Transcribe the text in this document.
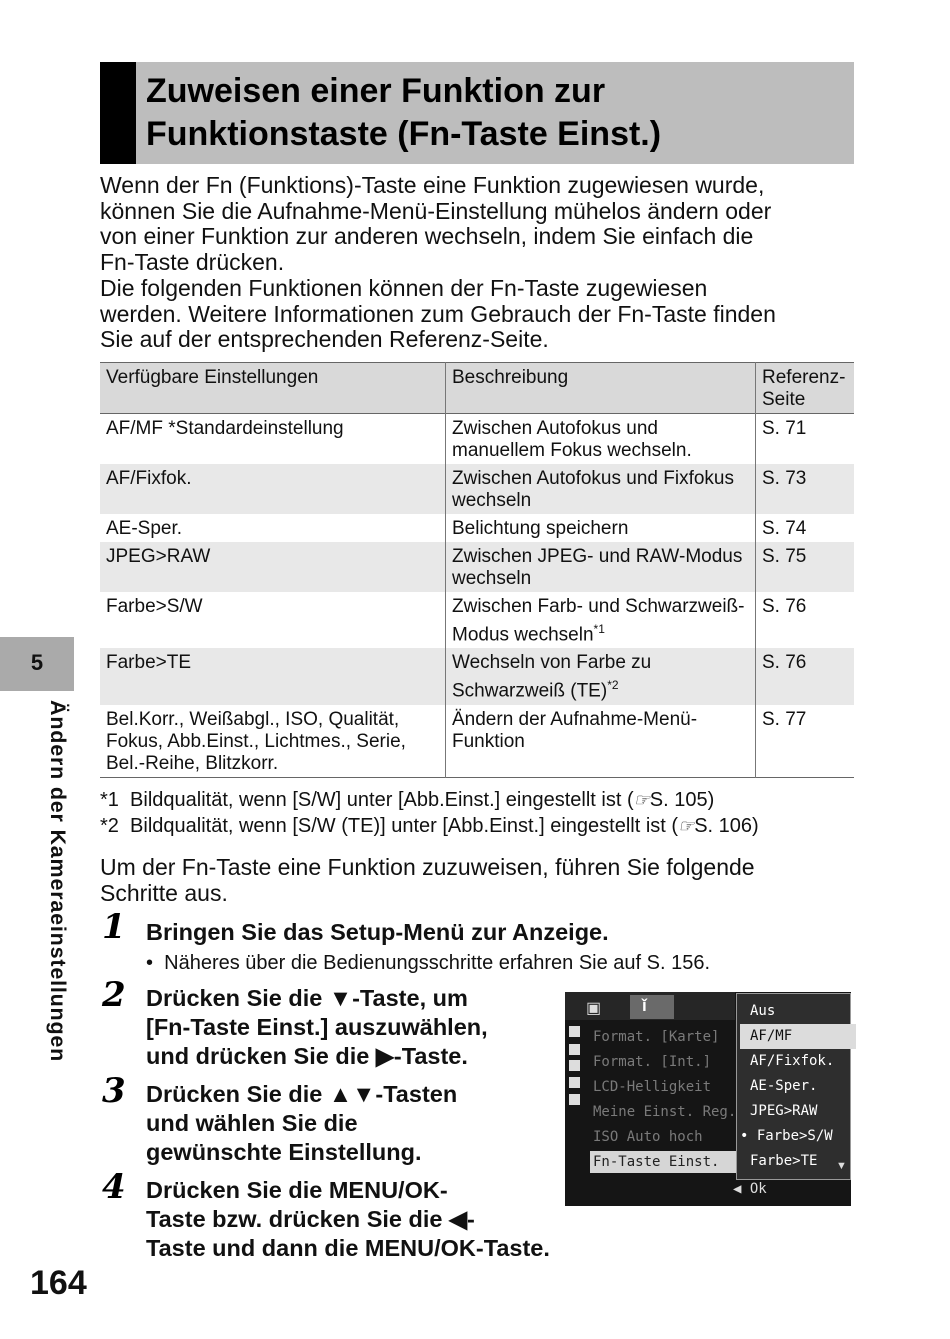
Zuweisen einer Funktion zur
Funktionstaste (Fn-Taste Einst.)
Wenn der Fn (Funktions)-Taste eine Funktion zugewiesen wurde,
können Sie die Aufnahme-Menü-Einstellung mühelos ändern oder
von einer Funktion zur anderen wechseln, indem Sie einfach die
Fn-Taste drücken.
Die folgenden Funktionen können der Fn-Taste zugewiesen
werden. Weitere Informationen zum Gebrauch der Fn-Taste finden
Sie auf der entsprechenden Referenz-Seite.
Verfügbare Einstellungen	Beschreibung	Referenz-Seite
AF/MF *Standardeinstellung	Zwischen Autofokus und manuellem Fokus wechseln.	S. 71
AF/Fixfok.	Zwischen Autofokus und Fixfokus wechseln	S. 73
AE-Sper.	Belichtung speichern	S. 74
JPEG>RAW	Zwischen JPEG- und RAW-Modus wechseln	S. 75
Farbe>S/W	Zwischen Farb- und Schwarzweiß-Modus wechseln$^{*1}$	S. 76
Farbe>TE	Wechseln von Farbe zu Schwarzweiß (TE)$^{*2}$	S. 76
Bel.Korr., Weißabgl., ISO, Qualität, Fokus, Abb.Einst., Lichtmes., Serie, Bel.-Reihe, Blitzkorr.	Ändern der Aufnahme-Menü-Funktion	S. 77
*1 Bildqualität, wenn [S/W] unter [Abb.Einst.] eingestellt ist (☞S. 105)
*2 Bildqualität, wenn [S/W (TE)] unter [Abb.Einst.] eingestellt ist (☞S. 106)
Um der Fn-Taste eine Funktion zuzuweisen, führen Sie folgende
Schritte aus.
1 Bringen Sie das Setup-Menü zur Anzeige.
•  Näheres über die Bedienungsschritte erfahren Sie auf S. 156.
2 Drücken Sie die ▼-Taste, um
[Fn-Taste Einst.] auszuwählen,
und drücken Sie die ▶-Taste.
3 Drücken Sie die ▲▼-Tasten
und wählen Sie die
gewünschte Einstellung.
4 Drücken Sie die MENU/OK-
Taste bzw. drücken Sie die ◀-
Taste und dann die MENU/OK-Taste.
▣	ǐ
Format. [Karte]
Format. [Int.]
LCD-Helligkeit
Meine Einst. Reg.
ISO Auto hoch
Fn-Taste Einst.
Aus
AF/MF
AF/Fixfok.
AE-Sper.
JPEG>RAW
• Farbe>S/W
Farbe>TE	▼
◀ Ok
5
Ändern der Kameraeinstellungen
164
